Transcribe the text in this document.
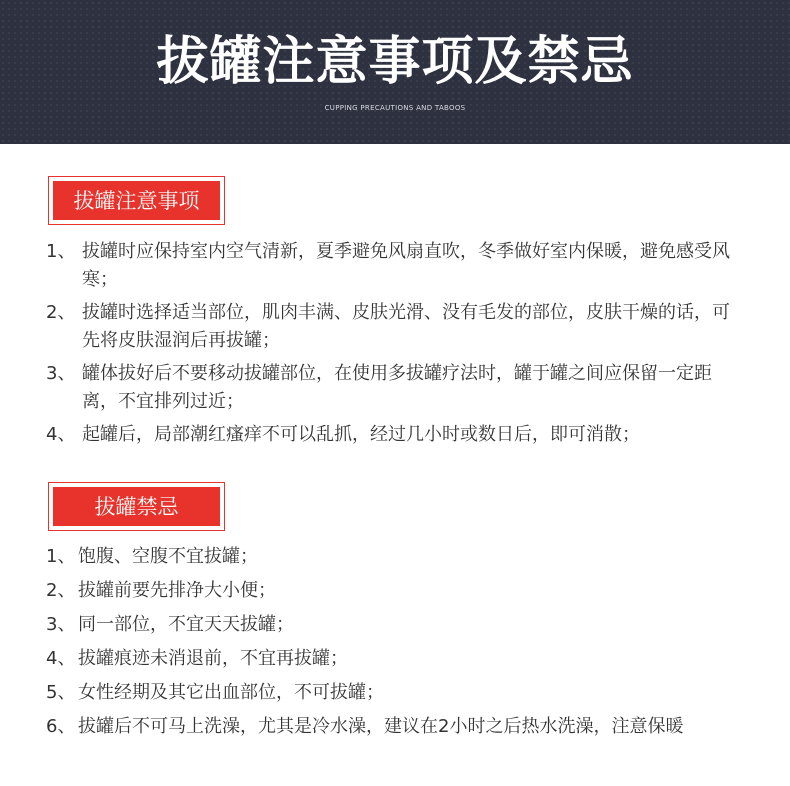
拔罐注意事项及禁忌
CUPPING PRECAUTIONS AND TABOOS
拔罐注意事项
1、 拔罐时应保持室内空气清新，夏季避免风扇直吹，冬季做好室内保暖，避免感受风寒；
2、 拔罐时选择适当部位，肌肉丰满、皮肤光滑、没有毛发的部位，皮肤干燥的话，可先将皮肤湿润后再拔罐；
3、 罐体拔好后不要移动拔罐部位，在使用多拔罐疗法时，罐于罐之间应保留一定距离，不宜排列过近；
4、 起罐后，局部潮红瘙痒不可以乱抓，经过几小时或数日后，即可消散；
拔罐禁忌
1、 饱腹、空腹不宜拔罐；
2、 拔罐前要先排净大小便；
3、 同一部位，不宜天天拔罐；
4、 拔罐痕迹未消退前，不宜再拔罐；
5、 女性经期及其它出血部位，不可拔罐；
6、 拔罐后不可马上洗澡，尤其是冷水澡，建议在2小时之后热水洗澡，注意保暖
